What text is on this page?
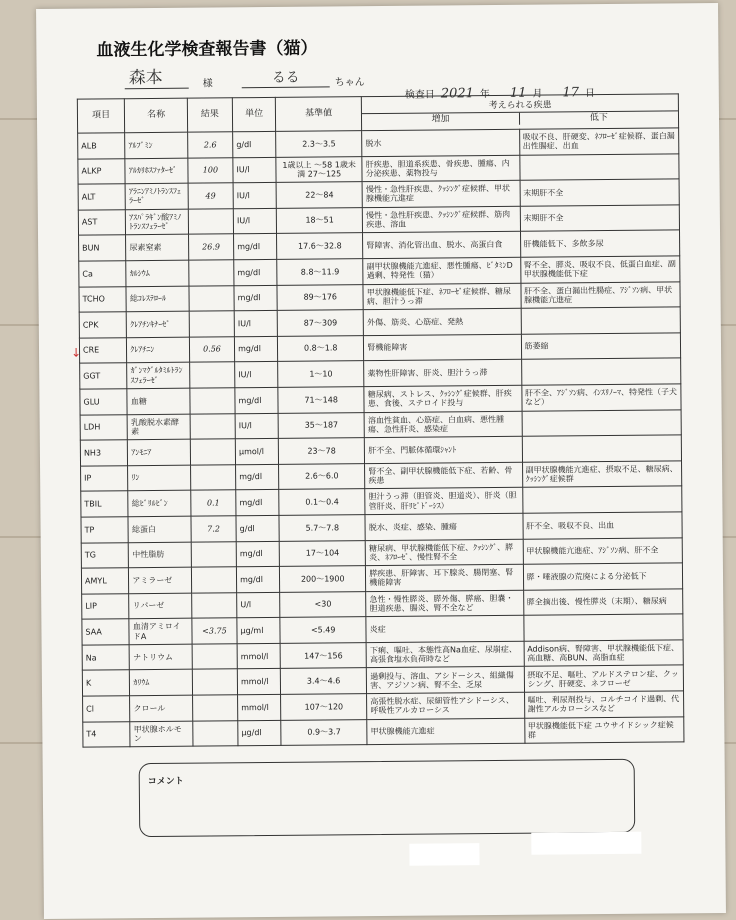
血液生化学検査報告書（猫）
森本	様	るる	ちゃん
検査日 2021 年 11 月 17 日
↓
項目	名称	結果	単位	基準値	考えられる疾患
増加 低下	

ALB	ｱﾙﾌﾞﾐﾝ	2.6	g/dl	2.3～3.5	脱水	吸収不良、肝硬変、ﾈﾌﾛｰｾﾞ症候群、蛋白漏出性腸症、出血
ALKP	ｱﾙｶﾘﾎｽﾌｧﾀｰｾﾞ	100	IU/l	1歳以上 ～58 1歳未満 27～125	肝疾患、胆道系疾患、骨疾患、腫瘍、内分泌疾患、薬物投与	
ALT	ｱﾗﾆﾝｱﾐﾉﾄﾗﾝｽﾌｪﾗｰｾﾞ	49	IU/l	22～84	慢性・急性肝疾患、ｸｯｼﾝｸﾞ症候群、甲状腺機能亢進症	末期肝不全
AST	ｱｽﾊﾟﾗｷﾞﾝ酸ｱﾐﾉﾄﾗﾝｽﾌｪﾗｰｾﾞ		IU/l	18～51	慢性・急性肝疾患、ｸｯｼﾝｸﾞ症候群、筋肉疾患、溶血	末期肝不全
BUN	尿素窒素	26.9	mg/dl	17.6～32.8	腎障害、消化管出血、脱水、高蛋白食	肝機能低下、多飲多尿
Ca	ｶﾙｼｳﾑ		mg/dl	8.8～11.9	副甲状腺機能亢進症、悪性腫瘍、ﾋﾞﾀﾐﾝD過剰、特発性（猫）	腎不全、膵炎、吸収不良、低蛋白血症、副甲状腺機能低下症
TCHO	総ｺﾚｽﾃﾛｰﾙ		mg/dl	89～176	甲状腺機能低下症、ﾈﾌﾛｰｾﾞ症候群、糖尿病、胆汁うっ滞	肝不全、蛋白漏出性腸症、ｱｼﾞｿﾝ病、甲状腺機能亢進症
CPK	ｸﾚｱﾁﾝｷﾅｰｾﾞ		IU/l	87～309	外傷、筋炎、心筋症、発熱	
CRE	ｸﾚｱﾁﾆﾝ	0.56	mg/dl	0.8～1.8	腎機能障害	筋萎縮
GGT	ｶﾞﾝﾏｸﾞﾙﾀﾐﾙﾄﾗﾝｽﾌｪﾗｰｾﾞ		IU/l	1～10	薬物性肝障害、肝炎、胆汁うっ滞	
GLU	血糖		mg/dl	71～148	糖尿病、ストレス、ｸｯｼﾝｸﾞ症候群、肝疾患、食後、ステロイド投与	肝不全、ｱｼﾞｿﾝ病、ｲﾝｽﾘﾉｰﾏ、特発性（子犬など）
LDH	乳酸脱水素酵素		IU/l	35～187	溶血性貧血、心筋症、白血病、悪性腫瘍、急性肝炎、感染症	
NH3	ｱﾝﾓﾆｱ		μmol/l	23～78	肝不全、門脈体循環ｼｬﾝﾄ	
IP	ﾘﾝ		mg/dl	2.6～6.0	腎不全、副甲状腺機能低下症、若齢、骨疾患	副甲状腺機能亢進症、摂取不足、糖尿病、ｸｯｼﾝｸﾞ症候群
TBIL	総ﾋﾞﾘﾙﾋﾞﾝ	0.1	mg/dl	0.1～0.4	胆汁うっ滞（胆管炎、胆道炎）、肝炎（胆管肝炎、肝ﾘﾋﾟﾄﾞｰｼｽ）	
TP	総蛋白	7.2	g/dl	5.7～7.8	脱水、炎症、感染、腫瘍	肝不全、吸収不良、出血
TG	中性脂肪		mg/dl	17～104	糖尿病、甲状腺機能低下症、ｸｯｼﾝｸﾞ、膵炎、ﾈﾌﾛｰｾﾞ、慢性腎不全	甲状腺機能亢進症、ｱｼﾞｿﾝ病、肝不全
AMYL	アミラーゼ		mg/dl	200～1900	膵疾患、肝障害、耳下腺炎、腸閉塞、腎機能障害	膵・唾液腺の荒廃による分泌低下
LIP	リパーゼ		U/l	<30	急性・慢性膵炎、膵外傷、膵癌、胆嚢・胆道疾患、腸炎、腎不全など	膵全摘出後、慢性膵炎（末期）、糖尿病
SAA	血清アミロイドA	<3.75	μg/ml	<5.49	炎症	
Na	ナトリウム		mmol/l	147～156	下痢、嘔吐、本態性高Na血症、尿崩症、高張食塩水負荷時など	Addison病、腎障害、甲状腺機能低下症、高血糖、高BUN、高脂血症
K	ｶﾘｳﾑ		mmol/l	3.4～4.6	過剰投与、溶血、アシドーシス、組織傷害、アジソン病、腎不全、乏尿	摂取不足、嘔吐、アルドステロン症、クッシング、肝硬変、ネフローゼ
Cl	クロール		mmol/l	107～120	高張性脱水症、尿細管性アシドーシス、呼吸性アルカローシス	嘔吐、利尿剤投与、コルチコイド過剰、代謝性アルカローシスなど
T4	甲状腺ホルモン		μg/dl	0.9～3.7	甲状腺機能亢進症	甲状腺機能低下症 ユウサイドシック症候群
コメント
